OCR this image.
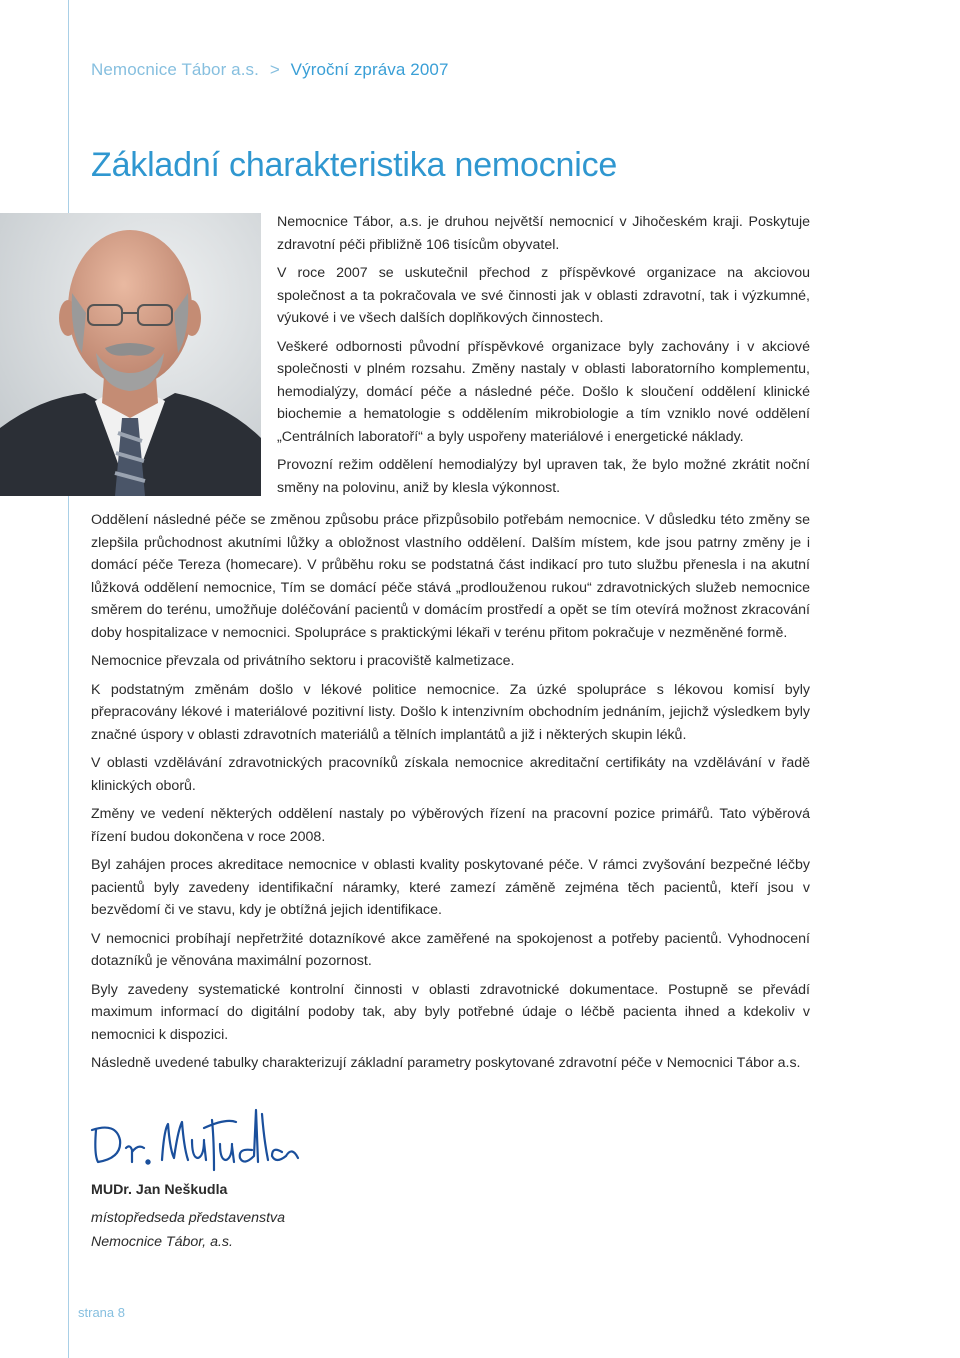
Nemocnice Tábor a.s. > Výroční zpráva 2007
Základní charakteristika nemocnice

Nemocnice Tábor, a.s. je druhou největší nemocnicí v Jihočeském kraji. Poskytuje zdravotní péči přibližně 106 tisícům obyvatel.

V roce 2007 se uskutečnil přechod z příspěvkové organizace na akciovou společnost a ta pokračovala ve své činnosti jak v oblasti zdravotní, tak i výzkumné, výukové i ve všech dalších doplňkových činnostech.

Veškeré odbornosti původní příspěvkové organizace byly zachovány i v akciové společnosti v plném rozsahu. Změny nastaly v oblasti laboratorního komplementu, hemodialýzy, domácí péče a následné péče. Došlo k sloučení oddělení klinické biochemie a hematologie s oddělením mikrobiologie a tím vzniklo nové oddělení „Centrálních laboratoří“ a byly uspořeny materiálové i energetické náklady.

Provozní režim oddělení hemodialýzy byl upraven tak, že bylo možné zkrátit noční směny na polovinu, aniž by klesla výkonnost.

Oddělení následné péče se změnou způsobu práce přizpůsobilo potřebám nemocnice. V důsledku této změny se zlepšila průchodnost akutními lůžky a obložnost vlastního oddělení. Dalším místem, kde jsou patrny změny je i domácí péče Tereza (homecare). V průběhu roku se podstatná část indikací pro tuto službu přenesla i na akutní lůžková oddělení nemocnice, Tím se domácí péče stává „prodlouženou rukou“ zdravotnických služeb nemocnice směrem do terénu, umožňuje doléčování pacientů v domácím prostředí a opět se tím otevírá možnost zkracování doby hospitalizace v nemocnici. Spolupráce s praktickými lékaři v terénu přitom pokračuje v nezměněné formě.

Nemocnice převzala od privátního sektoru i pracoviště kalmetizace.

K podstatným změnám došlo v lékové politice nemocnice. Za úzké spolupráce s lékovou komisí byly přepracovány lékové i materiálové pozitivní listy. Došlo k intenzivním obchodním jednáním, jejichž výsledkem byly značné úspory v oblasti zdravotních materiálů a tělních implantátů a již i některých skupin léků.

V oblasti vzdělávání zdravotnických pracovníků získala nemocnice akreditační certifikáty na vzdělávání v řadě klinických oborů.

Změny ve vedení některých oddělení nastaly po výběrových řízení na pracovní pozice primářů. Tato výběrová řízení budou dokončena v roce 2008.

Byl zahájen proces akreditace nemocnice v oblasti kvality poskytované péče. V rámci zvyšování bezpečné léčby pacientů byly zavedeny identifikační náramky, které zamezí záměně zejména těch pacientů, kteří jsou v bezvědomí či ve stavu, kdy je obtížná jejich identifikace.

V nemocnici probíhají nepřetržité dotazníkové akce zaměřené na spokojenost a potřeby pacientů. Vyhodnocení dotazníků je věnována maximální pozornost.

Byly zavedeny systematické kontrolní činnosti v oblasti zdravotnické dokumentace. Postupně se převádí maximum informací do digitální podoby tak, aby byly potřebné údaje o léčbě pacienta ihned a kdekoliv v nemocnici k dispozici.

Následně uvedené tabulky charakterizují základní parametry poskytované zdravotní péče v Nemocnici Tábor a.s.

MUDr. Jan Neškudla
místopředseda představenstva
Nemocnice Tábor, a.s.
strana 8
